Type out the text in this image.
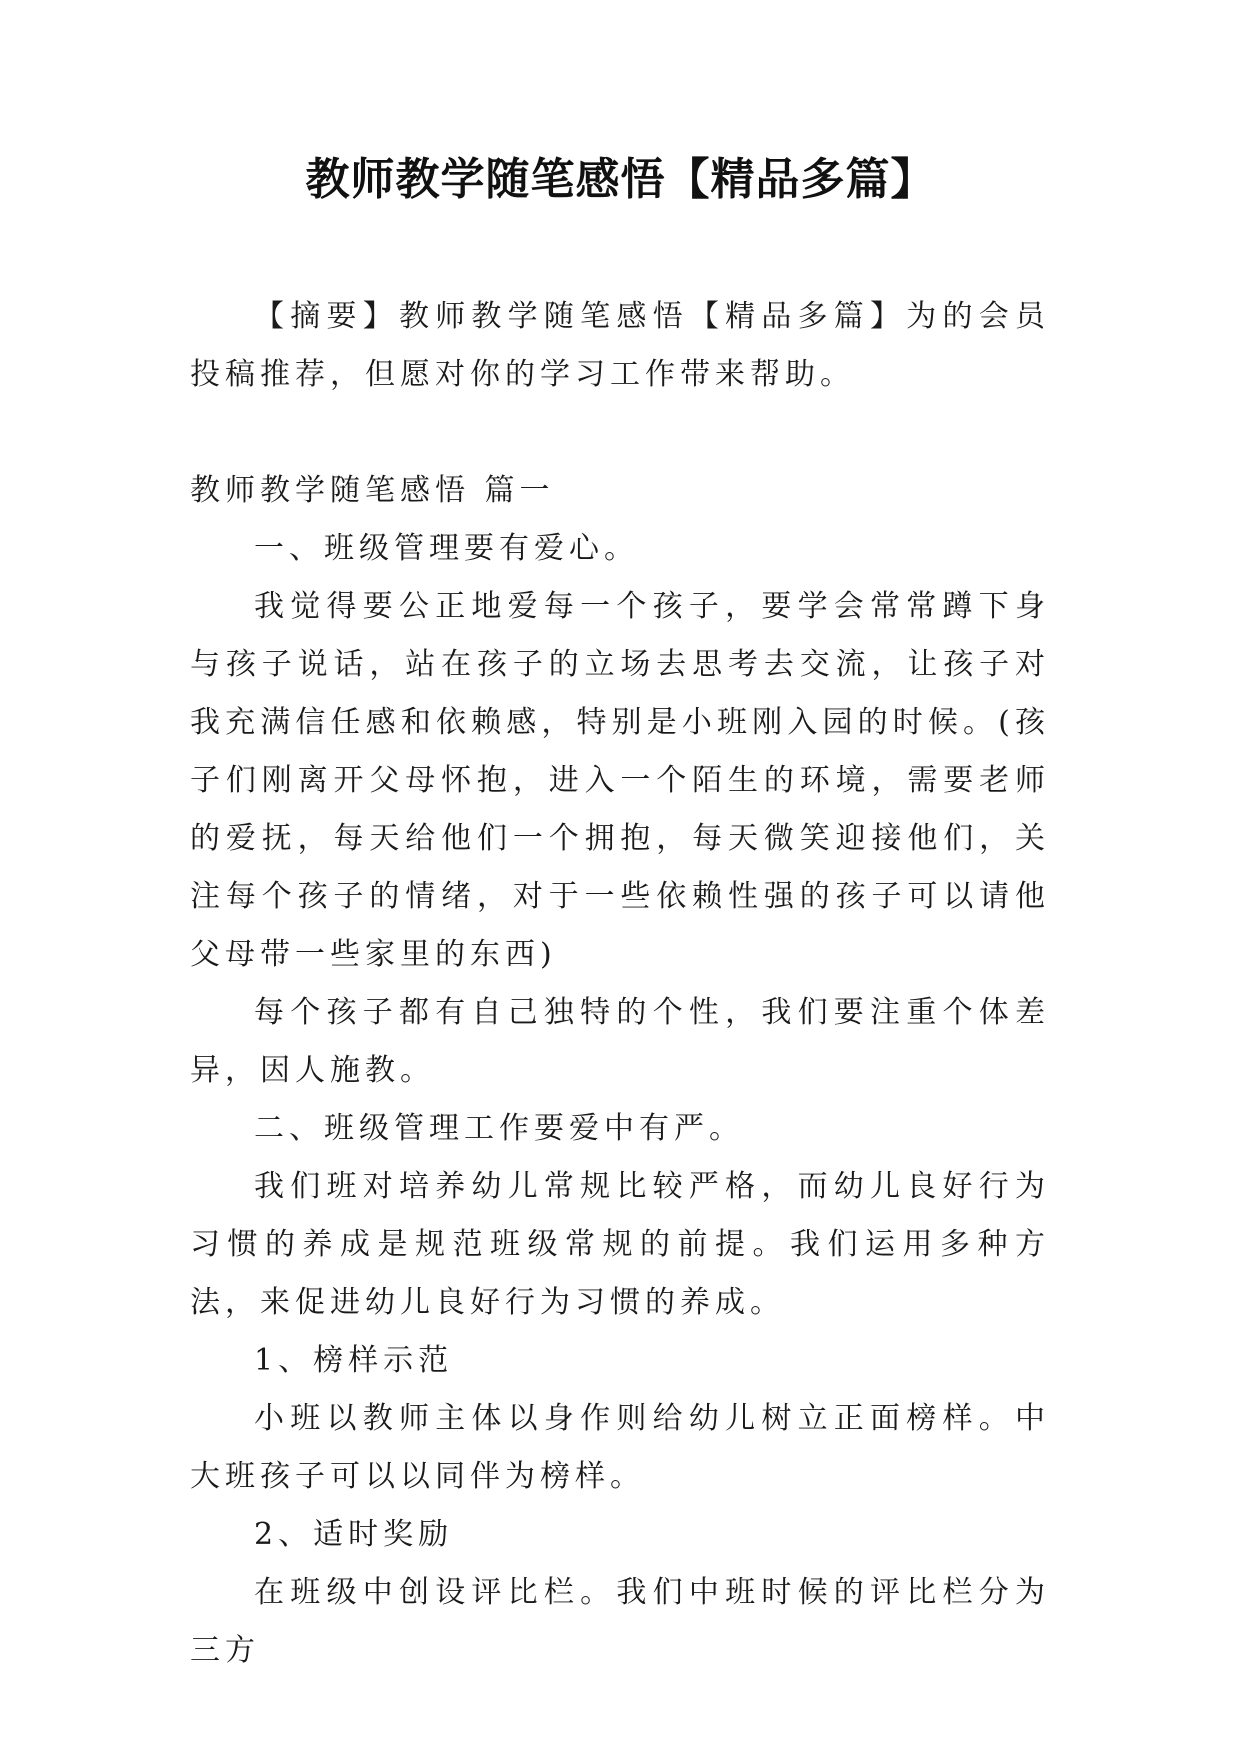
教师教学随笔感悟【精品多篇】

【摘要】教师教学随笔感悟【精品多篇】为的会员投稿推荐，但愿对你的学习工作带来帮助。

教师教学随笔感悟 篇一

一、班级管理要有爱心。

我觉得要公正地爱每一个孩子，要学会常常蹲下身与孩子说话，站在孩子的立场去思考去交流，让孩子对我充满信任感和依赖感，特别是小班刚入园的时候。(孩子们刚离开父母怀抱，进入一个陌生的环境，需要老师的爱抚，每天给他们一个拥抱，每天微笑迎接他们，关注每个孩子的情绪，对于一些依赖性强的孩子可以请他父母带一些家里的东西)

每个孩子都有自己独特的个性，我们要注重个体差异，因人施教。

二、班级管理工作要爱中有严。

我们班对培养幼儿常规比较严格，而幼儿良好行为习惯的养成是规范班级常规的前提。我们运用多种方法，来促进幼儿良好行为习惯的养成。

1、榜样示范

小班以教师主体以身作则给幼儿树立正面榜样。中大班孩子可以以同伴为榜样。

2、适时奖励

在班级中创设评比栏。我们中班时候的评比栏分为三方
